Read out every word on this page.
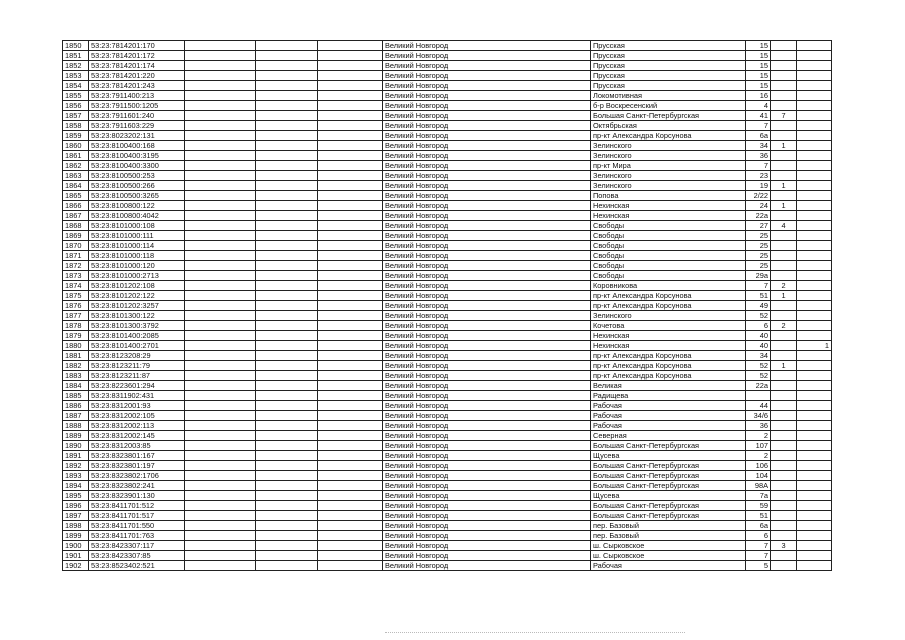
1850	53:23:7814201:170				Великий Новгород	Прусская	15		
1851	53:23:7814201:172				Великий Новгород	Прусская	15		
1852	53:23:7814201:174				Великий Новгород	Прусская	15		
1853	53:23:7814201:220				Великий Новгород	Прусская	15		
1854	53:23:7814201:243				Великий Новгород	Прусская	15		
1855	53:23:7911400:213				Великий Новгород	Локомотивная	16		
1856	53:23:7911500:1205				Великий Новгород	б-р Воскресенский	4		
1857	53:23:7911601:240				Великий Новгород	Большая Санкт-Петербургская	41	7	
1858	53:23:7911603:229				Великий Новгород	Октябрьская	7		
1859	53:23:8023202:131				Великий Новгород	пр-кт Александра Корсунова	6а		
1860	53:23:8100400:168				Великий Новгород	Зелинского	34	1	
1861	53:23:8100400:3195				Великий Новгород	Зелинского	36		
1862	53:23:8100400:3300				Великий Новгород	пр-кт Мира	7		
1863	53:23:8100500:253				Великий Новгород	Зелинского	23		
1864	53:23:8100500:266				Великий Новгород	Зелинского	19	1	
1865	53:23:8100500:3265				Великий Новгород	Попова	2/22		
1866	53:23:8100800:122				Великий Новгород	Нехинская	24	1	
1867	53:23:8100800:4042				Великий Новгород	Нехинская	22а		
1868	53:23:8101000:108				Великий Новгород	Свободы	27	4	
1869	53:23:8101000:111				Великий Новгород	Свободы	25		
1870	53:23:8101000:114				Великий Новгород	Свободы	25		
1871	53:23:8101000:118				Великий Новгород	Свободы	25		
1872	53:23:8101000:120				Великий Новгород	Свободы	25		
1873	53:23:8101000:2713				Великий Новгород	Свободы	29а		
1874	53:23:8101202:108				Великий Новгород	Коровникова	7	2	
1875	53:23:8101202:122				Великий Новгород	пр-кт Александра Корсунова	51	1	
1876	53:23:8101202:3257				Великий Новгород	пр-кт Александра Корсунова	49		
1877	53:23:8101300:122				Великий Новгород	Зелинского	52		
1878	53:23:8101300:3792				Великий Новгород	Кочетова	6	2	
1879	53:23:8101400:2085				Великий Новгород	Нехинская	40		
1880	53:23:8101400:2701				Великий Новгород	Нехинская	40		1
1881	53:23:8123208:29				Великий Новгород	пр-кт Александра Корсунова	34		
1882	53:23:8123211:79				Великий Новгород	пр-кт Александра Корсунова	52	1	
1883	53:23:8123211:87				Великий Новгород	пр-кт Александра Корсунова	52		
1884	53:23:8223601:294				Великий Новгород	Великая	22а		
1885	53:23:8311902:431				Великий Новгород	Радищева			
1886	53:23:8312001:93				Великий Новгород	Рабочая	44		
1887	53:23:8312002:105				Великий Новгород	Рабочая	34/6		
1888	53:23:8312002:113				Великий Новгород	Рабочая	36		
1889	53:23:8312002:145				Великий Новгород	Северная	2		
1890	53:23:8312003:85				Великий Новгород	Большая Санкт-Петербургская	107		
1891	53:23:8323801:167				Великий Новгород	Щусева	2		
1892	53:23:8323801:197				Великий Новгород	Большая Санкт-Петербургская	106		
1893	53:23:8323802:1706				Великий Новгород	Большая Санкт-Петербургская	104		
1894	53:23:8323802:241				Великий Новгород	Большая Санкт-Петербургская	98А		
1895	53:23:8323901:130				Великий Новгород	Щусева	7а		
1896	53:23:8411701:512				Великий Новгород	Большая Санкт-Петербургская	59		
1897	53:23:8411701:517				Великий Новгород	Большая Санкт-Петербургская	51		
1898	53:23:8411701:550				Великий Новгород	пер. Базовый	6а		
1899	53:23:8411701:763				Великий Новгород	пер. Базовый	6		
1900	53:23:8423307:117				Великий Новгород	ш. Сырковское	7	3	
1901	53:23:8423307:85				Великий Новгород	ш. Сырковское	7		
1902	53:23:8523402:521				Великий Новгород	Рабочая	5		
